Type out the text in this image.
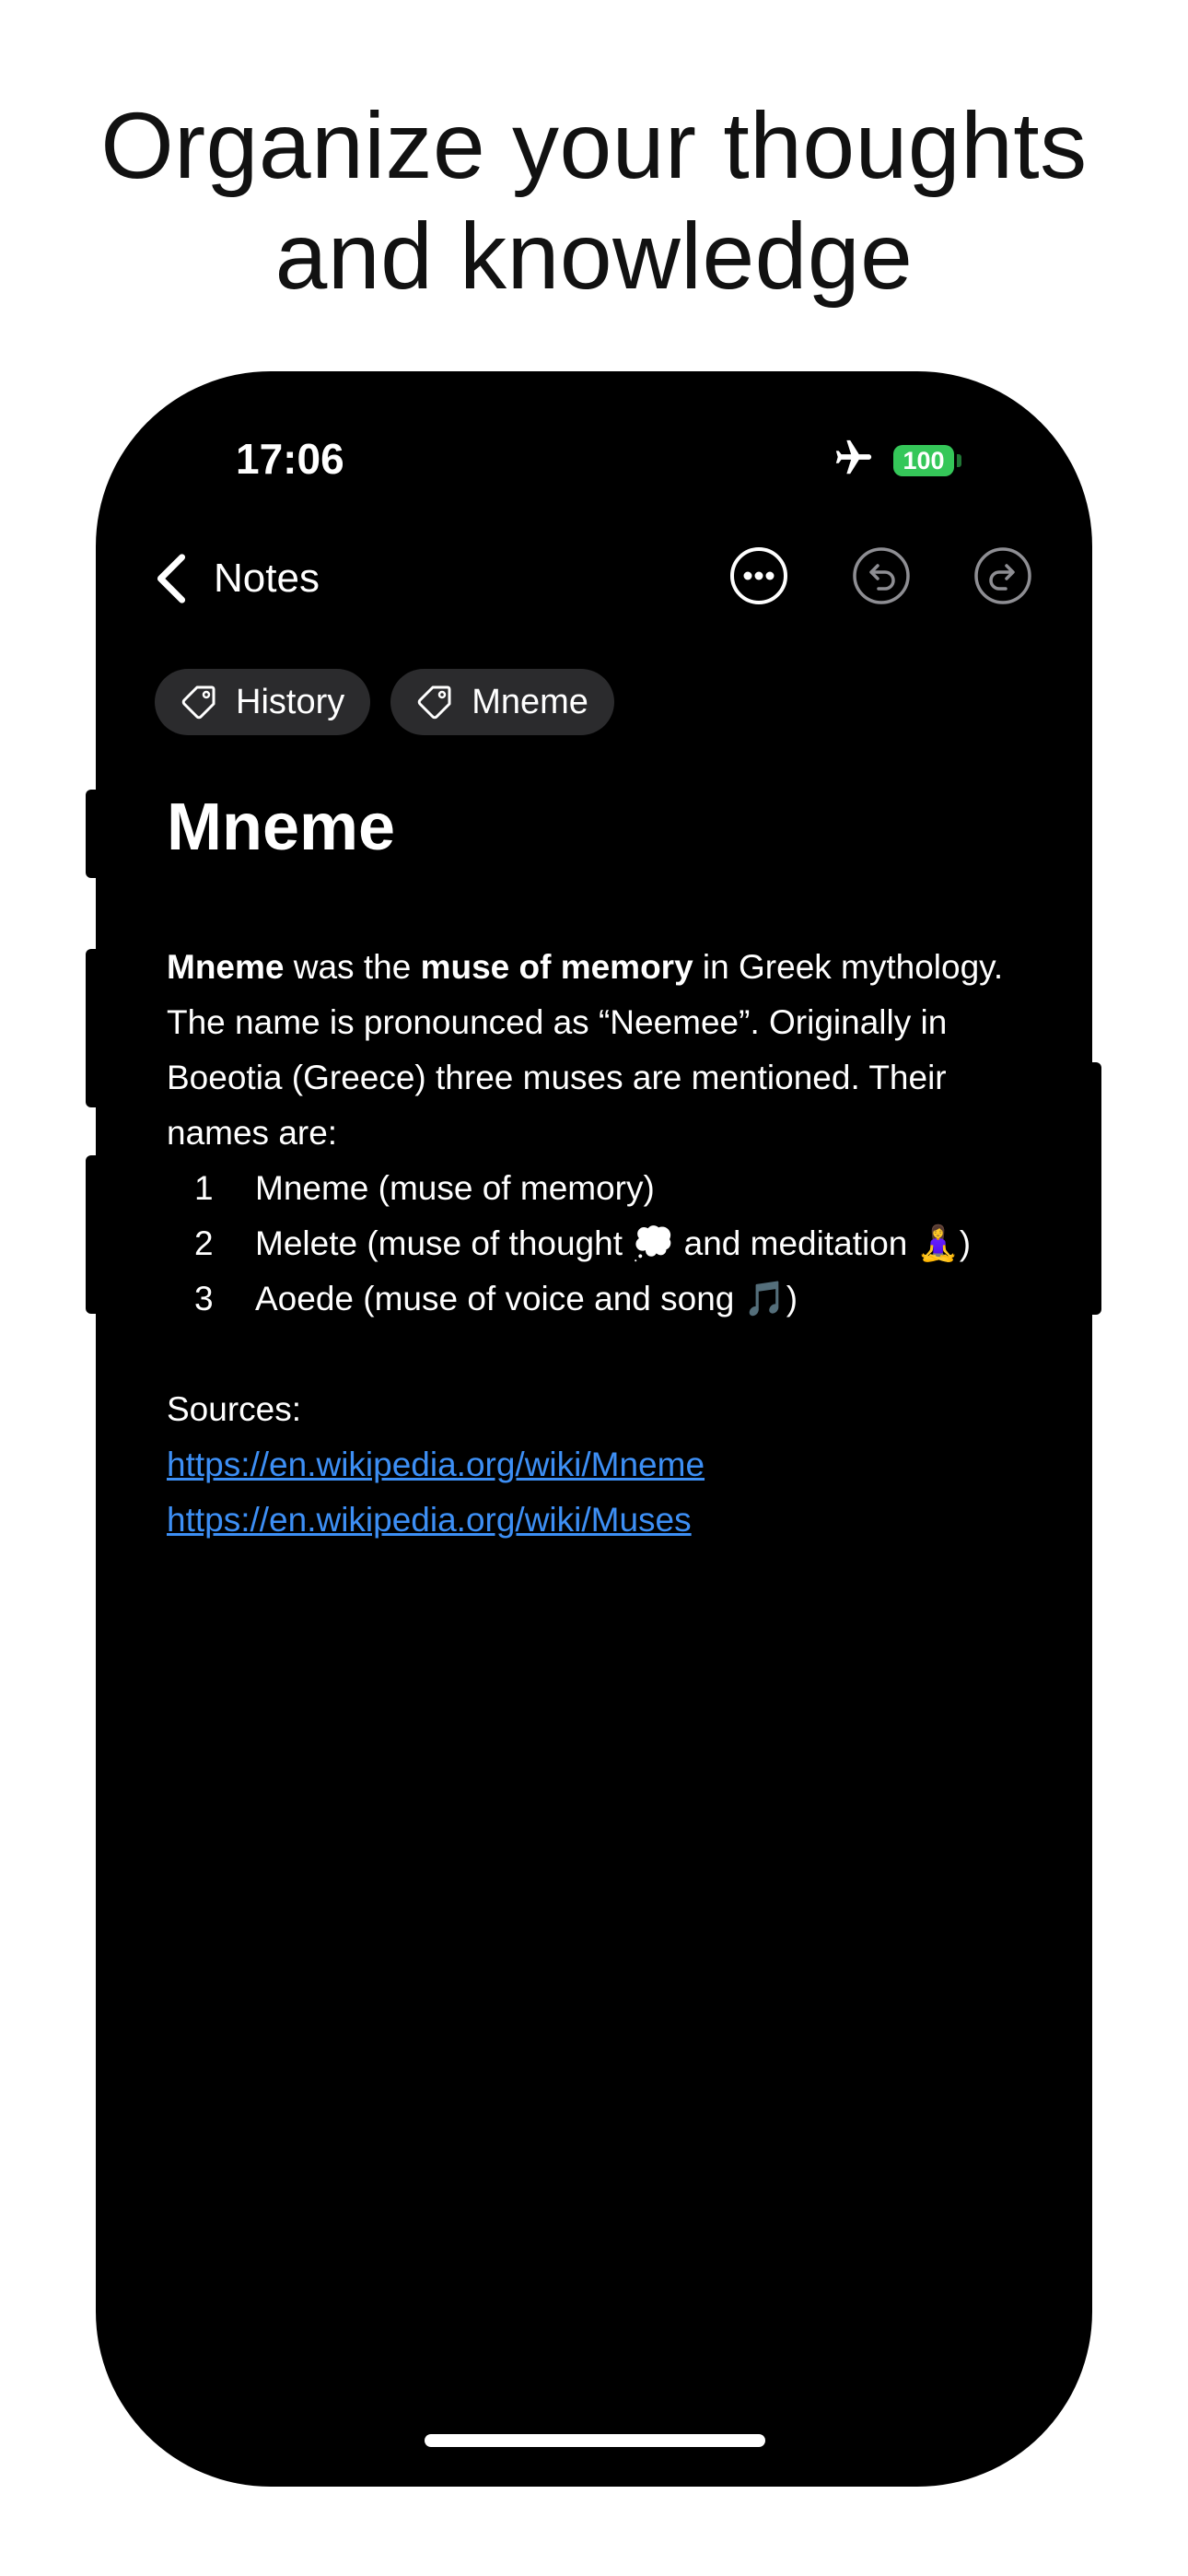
Organize your thoughts
and knowledge
17:06	100
Notes
History	Mneme
Mneme

Mneme was the muse of memory in Greek mythology. The name is pronounced as “Neemee”. Originally in Boeotia (Greece) three muses are mentioned. Their names are:

1	Mneme (muse of memory)
2	Melete (muse of thought 💭 and meditation 🧘‍♀️)
3	Aoede (muse of voice and song 🎵)
Sources:
https://en.wikipedia.org/wiki/Mneme
https://en.wikipedia.org/wiki/Muses
